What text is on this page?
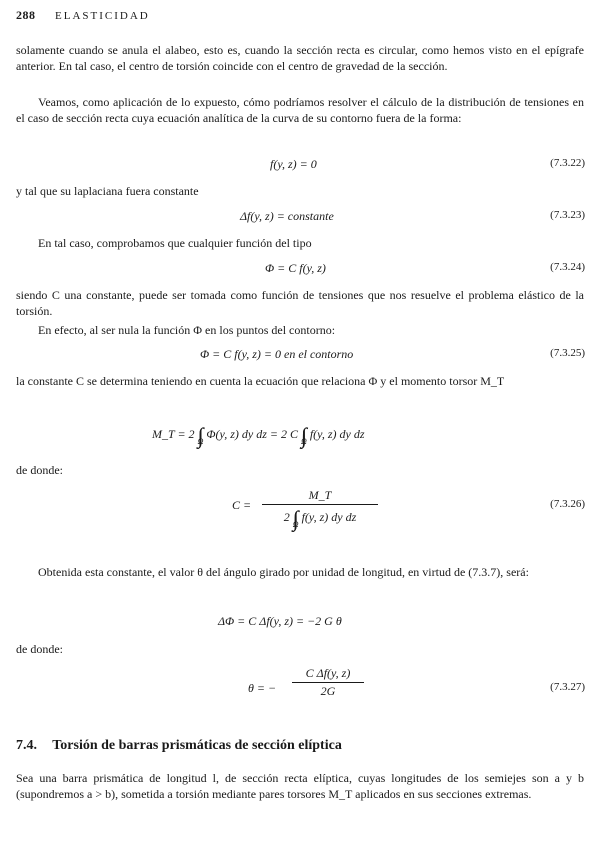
288 ELASTICIDAD
solamente cuando se anula el alabeo, esto es, cuando la sección recta es circular, como hemos visto en el epígrafe anterior. En tal caso, el centro de torsión coincide con el centro de gravedad de la sección.
Veamos, como aplicación de lo expuesto, cómo podríamos resolver el cálculo de la distribución de tensiones en el caso de sección recta cuya ecuación analítica de la curva de su contorno fuera de la forma:
f(y, z) = 0	(7.3.22)
y tal que su laplaciana fuera constante
Δf(y, z) = constante	(7.3.23)
En tal caso, comprobamos que cualquier función del tipo
Φ = C f(y, z)	(7.3.24)
siendo C una constante, puede ser tomada como función de tensiones que nos resuelve el problema elástico de la torsión.
En efecto, al ser nula la función Φ en los puntos del contorno:
Φ = C f(y, z) = 0 en el contorno	(7.3.25)
la constante C se determina teniendo en cuenta la ecuación que relaciona Φ y el momento torsor M_T
M_T = 2 $\int\int_\Omega$ Φ(y, z) dy dz = 2 C $\int\int_\Omega$ f(y, z) dy dz
de donde:
C =
M_T
2 $\int\int_\Omega$ f(y, z) dy dz
(7.3.26)
Obtenida esta constante, el valor θ del ángulo girado por unidad de longitud, en virtud de (7.3.7), será:
ΔΦ = C Δf(y, z) = −2 G θ
de donde:
θ = −
C Δf(y, z)
2G	(7.3.27)
7.4. Torsión de barras prismáticas de sección elíptica
Sea una barra prismática de longitud l, de sección recta elíptica, cuyas longitudes de los semiejes son a y b (supondremos a > b), sometida a torsión mediante pares torsores M_T aplicados en sus secciones extremas.
